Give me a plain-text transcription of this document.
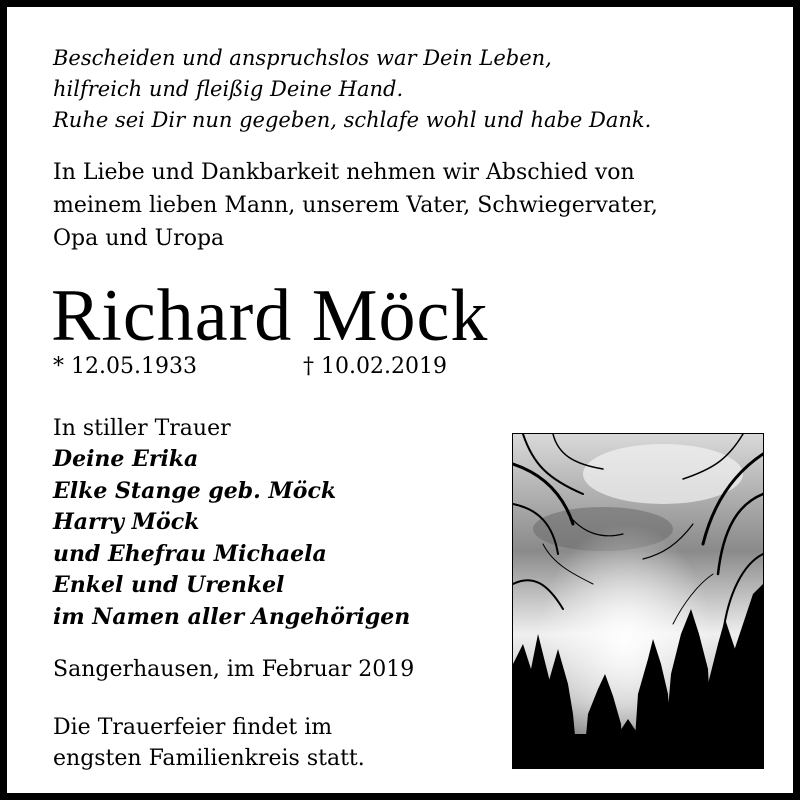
Bescheiden und anspruchslos war Dein Leben,
hilfreich und fleißig Deine Hand.
Ruhe sei Dir nun gegeben, schlafe wohl und habe Dank.
In Liebe und Dankbarkeit nehmen wir Abschied von
meinem lieben Mann, unserem Vater, Schwiegervater,
Opa und Uropa
Richard Möck
* 12.05.1933	† 10.02.2019
In stiller Trauer
Deine Erika
Elke Stange geb. Möck
Harry Möck
und Ehefrau Michaela
Enkel und Urenkel
im Namen aller Angehörigen
Sangerhausen, im Februar 2019
Die Trauerfeier findet im
engsten Familienkreis statt.
